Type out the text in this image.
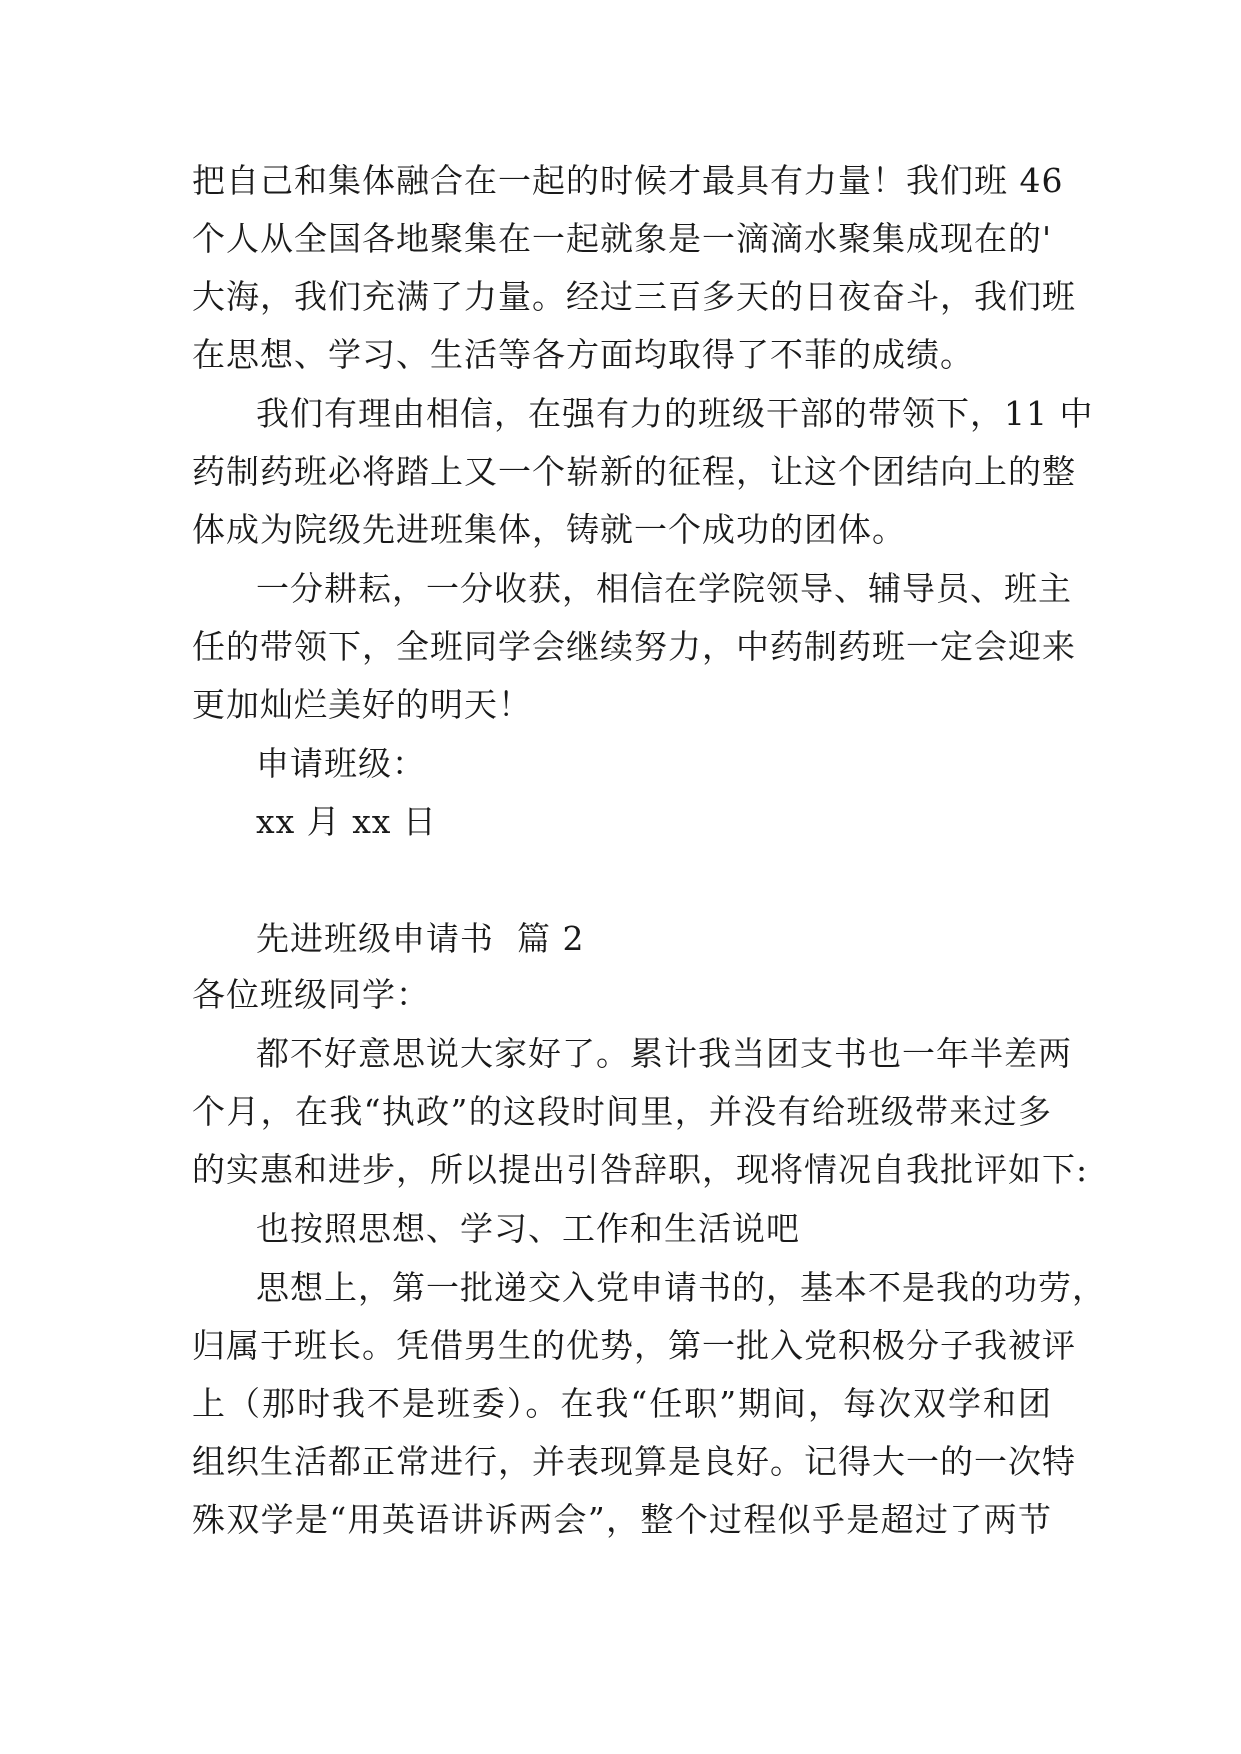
把自己和集体融合在一起的时候才最具有力量！我们班 46
个人从全国各地聚集在一起就象是一滴滴水聚集成现在的'
大海，我们充满了力量。经过三百多天的日夜奋斗，我们班
在思想、学习、生活等各方面均取得了不菲的成绩。
我们有理由相信，在强有力的班级干部的带领下，11 中
药制药班必将踏上又一个崭新的征程，让这个团结向上的整
体成为院级先进班集体，铸就一个成功的团体。
一分耕耘，一分收获，相信在学院领导、辅导员、班主
任的带领下，全班同学会继续努力，中药制药班一定会迎来
更加灿烂美好的明天！
申请班级：
xx 月 xx 日
先进班级申请书  篇 2
各位班级同学：
都不好意思说大家好了。累计我当团支书也一年半差两
个月，在我“执政”的这段时间里，并没有给班级带来过多
的实惠和进步，所以提出引咎辞职，现将情况自我批评如下:
也按照思想、学习、工作和生活说吧
思想上，第一批递交入党申请书的，基本不是我的功劳，
归属于班长。凭借男生的优势，第一批入党积极分子我被评
上（那时我不是班委）。在我“任职”期间，每次双学和团
组织生活都正常进行，并表现算是良好。记得大一的一次特
殊双学是“用英语讲诉两会”，整个过程似乎是超过了两节
